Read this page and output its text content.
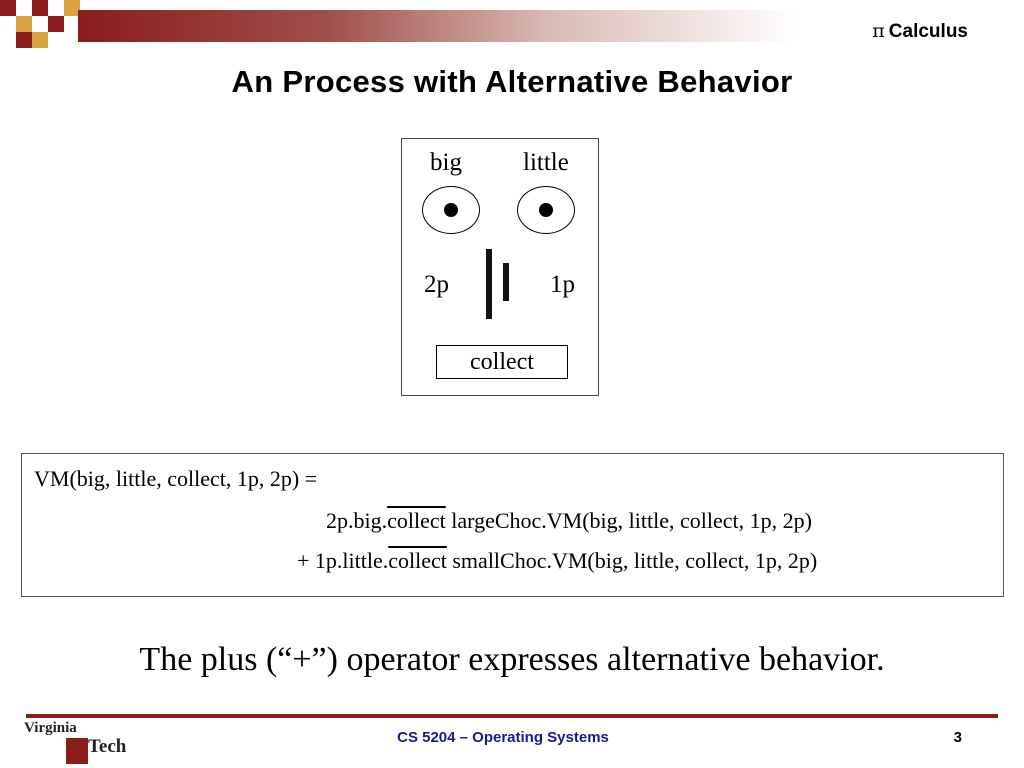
π Calculus
An Process with Alternative Behavior
big little
2p	1p
collect
VM(big, little, collect, 1p, 2p) =
2p.big.collect largeChoc.VM(big, little, collect, 1p, 2p)
+ 1p.little.collect smallChoc.VM(big, little, collect, 1p, 2p)
The plus (“+”) operator expresses alternative behavior.
Virginia
Tech	CS 5204 – Operating Systems	3
